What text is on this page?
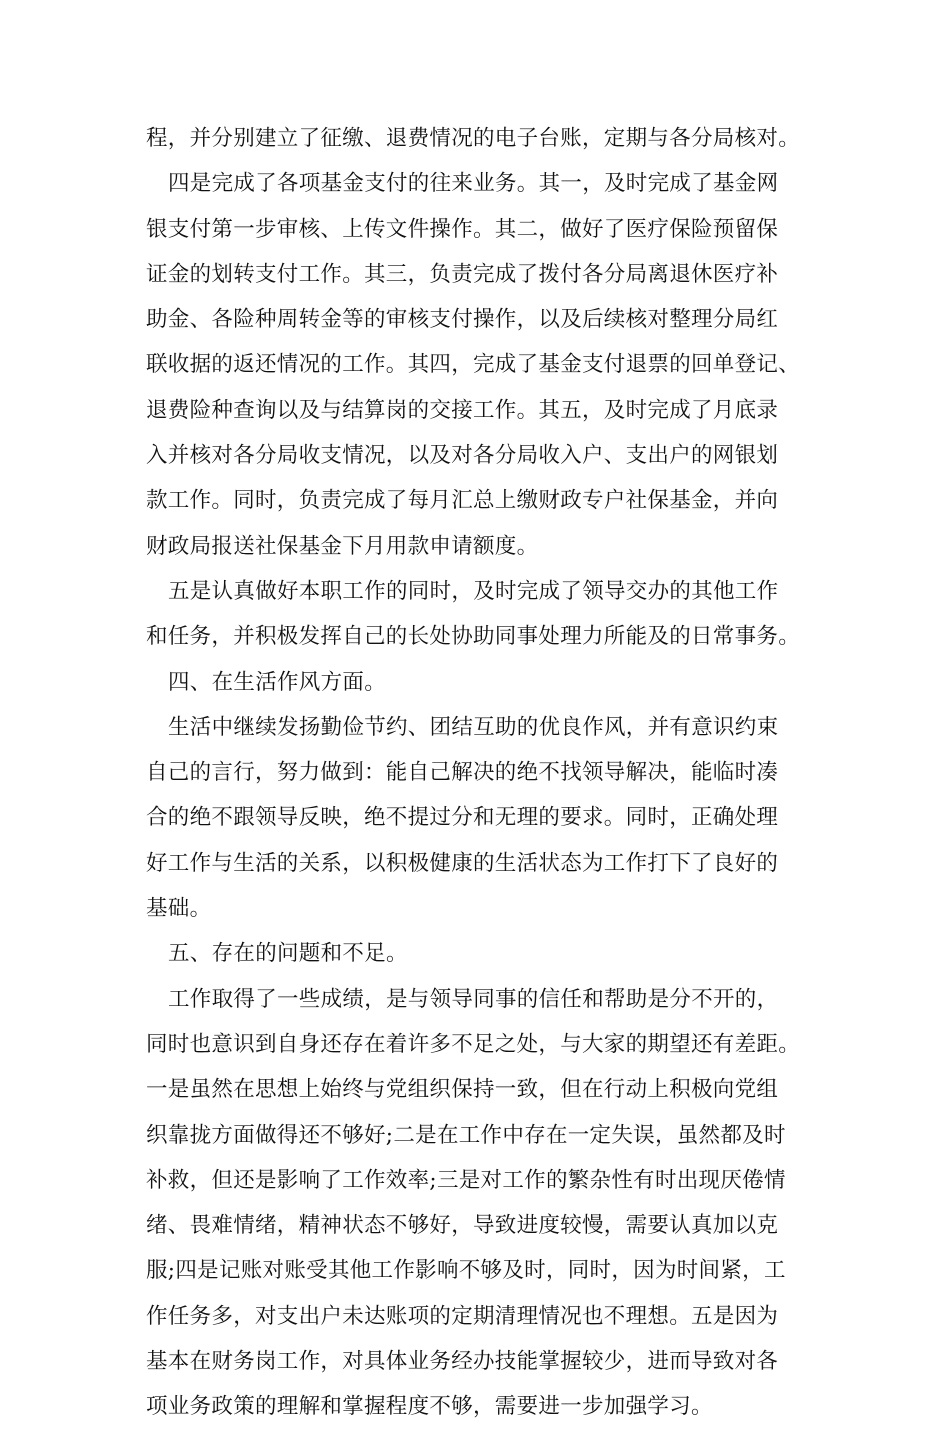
程，并分别建立了征缴、退费情况的电子台账，定期与各分局核对。
四是完成了各项基金支付的往来业务。其一，及时完成了基金网
银支付第一步审核、上传文件操作。其二，做好了医疗保险预留保
证金的划转支付工作。其三，负责完成了拨付各分局离退休医疗补
助金、各险种周转金等的审核支付操作，以及后续核对整理分局红
联收据的返还情况的工作。其四，完成了基金支付退票的回单登记、
退费险种查询以及与结算岗的交接工作。其五，及时完成了月底录
入并核对各分局收支情况，以及对各分局收入户、支出户的网银划
款工作。同时，负责完成了每月汇总上缴财政专户社保基金，并向
财政局报送社保基金下月用款申请额度。
五是认真做好本职工作的同时，及时完成了领导交办的其他工作
和任务，并积极发挥自己的长处协助同事处理力所能及的日常事务。
四、在生活作风方面。
生活中继续发扬勤俭节约、团结互助的优良作风，并有意识约束
自己的言行，努力做到：能自己解决的绝不找领导解决，能临时凑
合的绝不跟领导反映，绝不提过分和无理的要求。同时，正确处理
好工作与生活的关系，以积极健康的生活状态为工作打下了良好的
基础。
五、存在的问题和不足。
工作取得了一些成绩，是与领导同事的信任和帮助是分不开的，
同时也意识到自身还存在着许多不足之处，与大家的期望还有差距。
一是虽然在思想上始终与党组织保持一致，但在行动上积极向党组
织靠拢方面做得还不够好;二是在工作中存在一定失误，虽然都及时
补救，但还是影响了工作效率;三是对工作的繁杂性有时出现厌倦情
绪、畏难情绪，精神状态不够好，导致进度较慢，需要认真加以克
服;四是记账对账受其他工作影响不够及时，同时，因为时间紧，工
作任务多，对支出户未达账项的定期清理情况也不理想。五是因为
基本在财务岗工作，对具体业务经办技能掌握较少，进而导致对各
项业务政策的理解和掌握程度不够，需要进一步加强学习。
